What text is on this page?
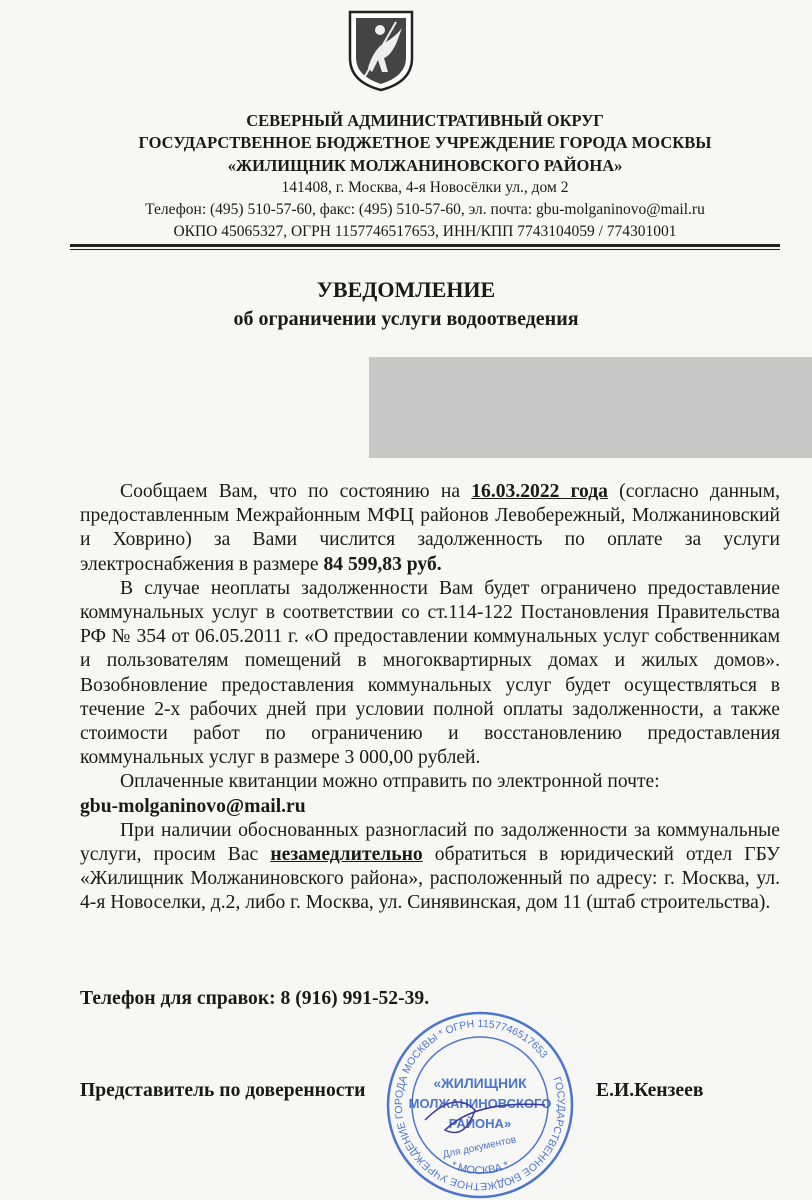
СЕВЕРНЫЙ АДМИНИСТРАТИВНЫЙ ОКРУГ
ГОСУДАРСТВЕННОЕ БЮДЖЕТНОЕ УЧРЕЖДЕНИЕ ГОРОДА МОСКВЫ
«ЖИЛИЩНИК МОЛЖАНИНОВСКОГО РАЙОНА»
141408, г. Москва, 4-я Новосёлки ул., дом 2
Телефон: (495) 510-57-60, факс: (495) 510-57-60, эл. почта: gbu-molganinovo@mail.ru
ОКПО 45065327, ОГРН 1157746517653, ИНН/КПП 7743104059 / 774301001
УВЕДОМЛЕНИЕ
об ограничении услуги водоотведения

Сообщаем Вам, что по состоянию на 16.03.2022 года (согласно данным, предоставленным Межрайонным МФЦ районов Левобережный, Молжаниновский и Ховрино) за Вами числится задолженность по оплате за услуги электроснабжения в размере 84 599,83 руб.

В случае неоплаты задолженности Вам будет ограничено предоставление коммунальных услуг в соответствии со ст.114-122 Постановления Правительства РФ № 354 от 06.05.2011 г. «О предоставлении коммунальных услуг собственникам и пользователям помещений в многоквартирных домах и жилых домов». Возобновление предоставления коммунальных услуг будет осуществляться в течение 2-х рабочих дней при условии полной оплаты задолженности, а также стоимости работ по ограничению и восстановлению предоставления коммунальных услуг в размере 3 000,00 рублей.

Оплаченные квитанции можно отправить по электронной почте:

gbu-molganinovo@mail.ru

При наличии обоснованных разногласий по задолженности за коммунальные услуги, просим Вас незамедлительно обратиться в юридический отдел ГБУ «Жилищник Молжаниновского района», расположенный по адресу: г. Москва, ул. 4-я Новоселки, д.2, либо г. Москва, ул. Синявинская, дом 11 (штаб строительства).

Телефон для справок: 8 (916) 991-52-39.
Представитель по доверенности	Е.И.Кензеев
ГОСУДАРСТВЕННОЕ БЮДЖЕТНОЕ УЧРЕЖДЕНИЕ ГОРОДА МОСКВЫ * ОГРН 1157746517653
* МОСКВА *
«ЖИЛИЩНИК
МОЛЖАНИНОВСКОГО
РАЙОНА»
Для документов
